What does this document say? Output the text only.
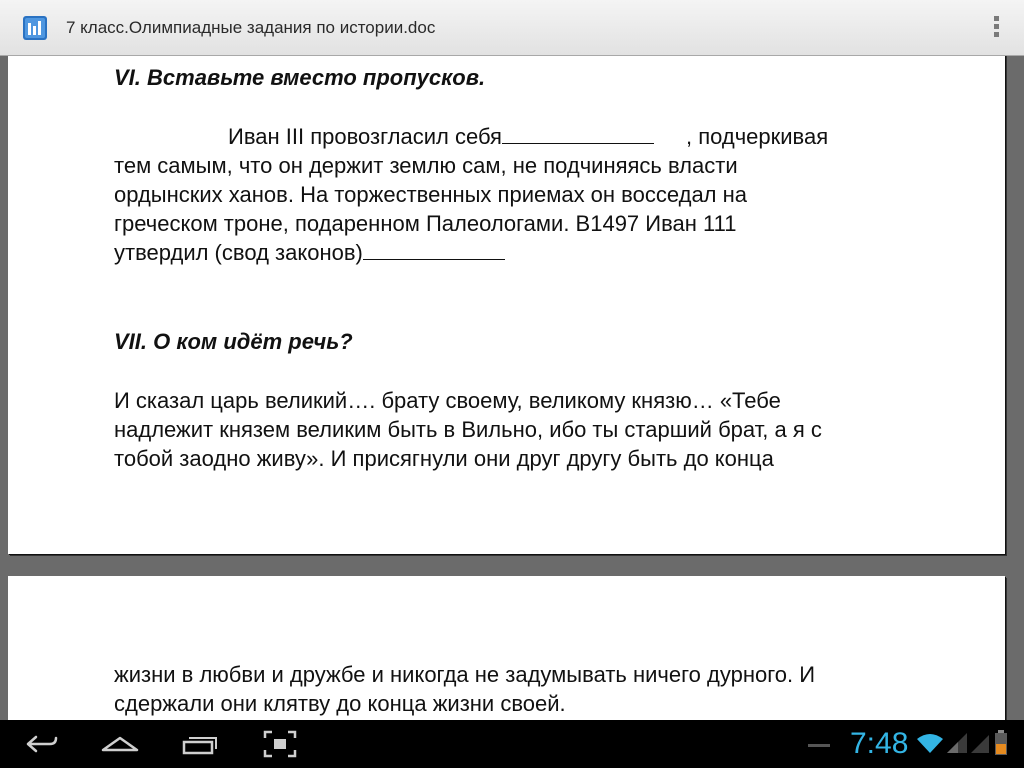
7 класс.Олимпиадные задания по истории.doc
VI. Вставьте вместо пропусков.
Иван III провозгласил себя	, подчеркивая
тем самым, что он держит землю сам, не подчиняясь власти
ордынских ханов. На торжественных приемах он восседал на
греческом троне, подаренном Палеологами. В1497 Иван 111
утвердил (свод законов)
VII. О ком идёт речь?
И сказал царь великий…. брату своему, великому князю… «Тебе
надлежит князем великим быть в Вильно, ибо ты старший брат, а я с
тобой заодно живу». И присягнули они друг другу быть до конца
жизни в любви и дружбе и никогда не задумывать ничего дурного. И
сдержали они клятву до конца жизни своей.
7:48
